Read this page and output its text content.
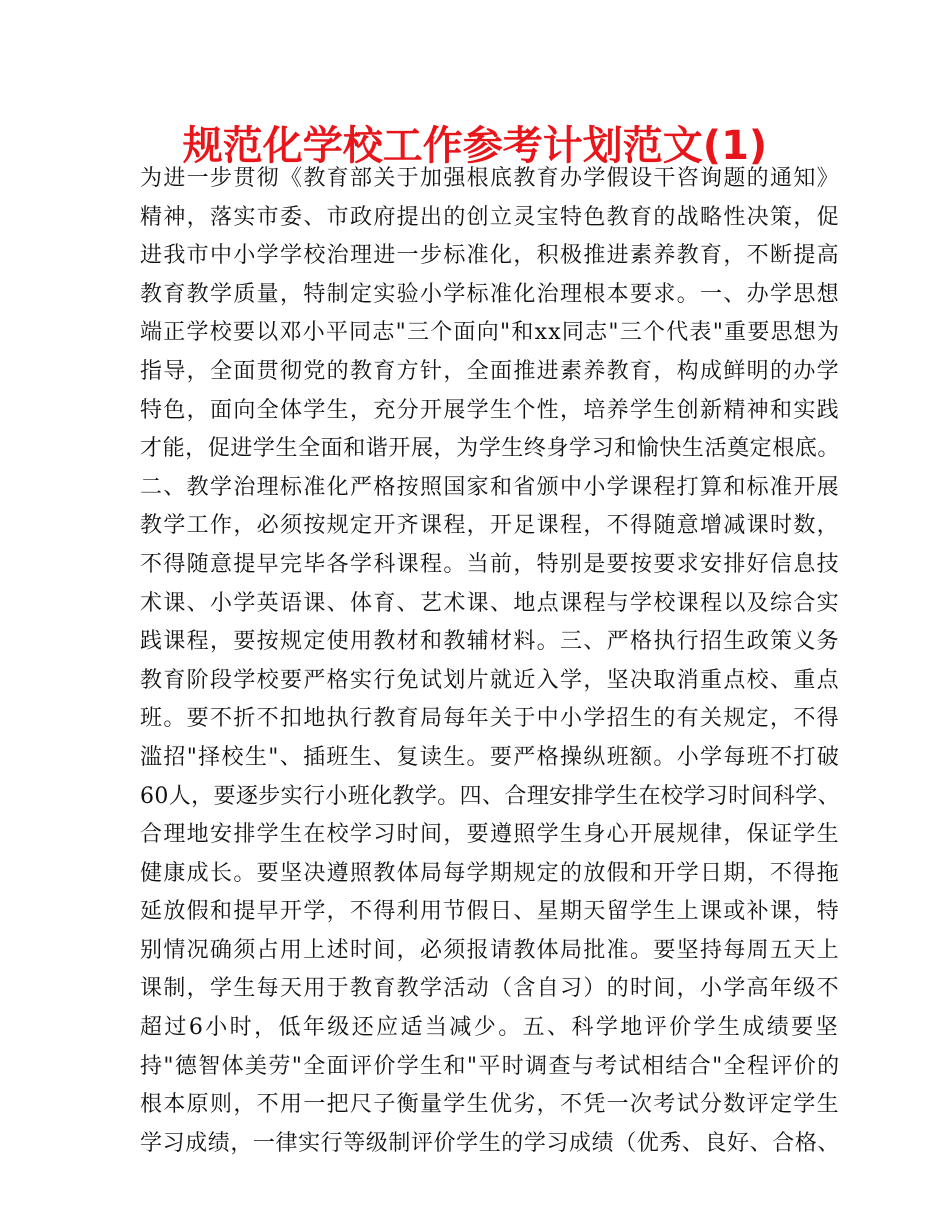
规范化学校工作参考计划范文(1)
为进一步贯彻《教育部关于加强根底教育办学假设干咨询题的通知》
精神，落实市委、市政府提出的创立灵宝特色教育的战略性决策，促
进我市中小学学校治理进一步标准化，积极推进素养教育，不断提高
教育教学质量，特制定实验小学标准化治理根本要求。一、办学思想
端正学校要以邓小平同志"三个面向"和xx同志"三个代表"重要思想为
指导，全面贯彻党的教育方针，全面推进素养教育，构成鲜明的办学
特色，面向全体学生，充分开展学生个性，培养学生创新精神和实践
才能，促进学生全面和谐开展，为学生终身学习和愉快生活奠定根底。
二、教学治理标准化严格按照国家和省颁中小学课程打算和标准开展
教学工作，必须按规定开齐课程，开足课程，不得随意增减课时数，
不得随意提早完毕各学科课程。当前，特别是要按要求安排好信息技
术课、小学英语课、体育、艺术课、地点课程与学校课程以及综合实
践课程，要按规定使用教材和教辅材料。三、严格执行招生政策义务
教育阶段学校要严格实行免试划片就近入学，坚决取消重点校、重点
班。要不折不扣地执行教育局每年关于中小学招生的有关规定，不得
滥招"择校生"、插班生、复读生。要严格操纵班额。小学每班不打破
60人，要逐步实行小班化教学。四、合理安排学生在校学习时间科学、
合理地安排学生在校学习时间，要遵照学生身心开展规律，保证学生
健康成长。要坚决遵照教体局每学期规定的放假和开学日期，不得拖
延放假和提早开学，不得利用节假日、星期天留学生上课或补课，特
别情况确须占用上述时间，必须报请教体局批准。要坚持每周五天上
课制，学生每天用于教育教学活动（含自习）的时间，小学高年级不
超过6小时，低年级还应适当减少。五、科学地评价学生成绩要坚
持"德智体美劳"全面评价学生和"平时调查与考试相结合"全程评价的
根本原则，不用一把尺子衡量学生优劣，不凭一次考试分数评定学生
学习成绩，一律实行等级制评价学生的学习成绩（优秀、良好、合格、
